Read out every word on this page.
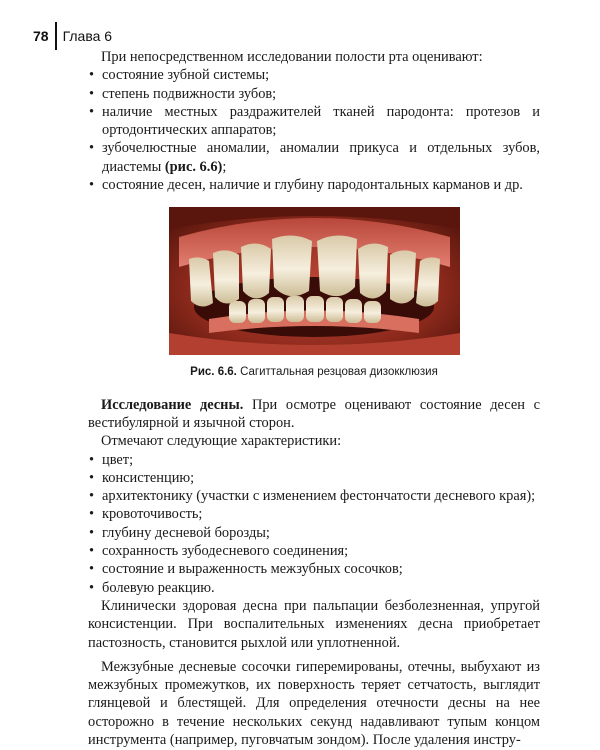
78 Глава 6

При непосредственном исследовании полости рта оценивают:

• состояние зубной системы;
• степень подвижности зубов;
• наличие местных раздражителей тканей пародонта: протезов и ортодонтических аппаратов;
• зубочелюстные аномалии, аномалии прикуса и отдельных зубов, диастемы (рис. 6.6);
• состояние десен, наличие и глубину пародонтальных карманов и др.
Рис. 6.6. Сагиттальная резцовая дизокклюзия

Исследование десны. При осмотре оценивают состояние десен с вестибулярной и язычной сторон.

Отмечают следующие характеристики:

• цвет;
• консистенцию;
• архитектонику (участки с изменением фестончатости десневого края);
• кровоточивость;
• глубину десневой борозды;
• сохранность зубодесневого соединения;
• состояние и выраженность межзубных сосочков;
• болевую реакцию.

Клинически здоровая десна при пальпации безболезненная, упругой консистенции. При воспалительных изменениях десна приобретает пастозность, становится рыхлой или уплотненной.

Межзубные десневые сосочки гиперемированы, отечны, выбухают из межзубных промежутков, их поверхность теряет сетчатость, выглядит глянцевой и блестящей. Для определения отечности десны на нее осторожно в течение нескольких секунд надавливают тупым концом инструмента (например, пуговчатым зондом). После удаления инстру-
